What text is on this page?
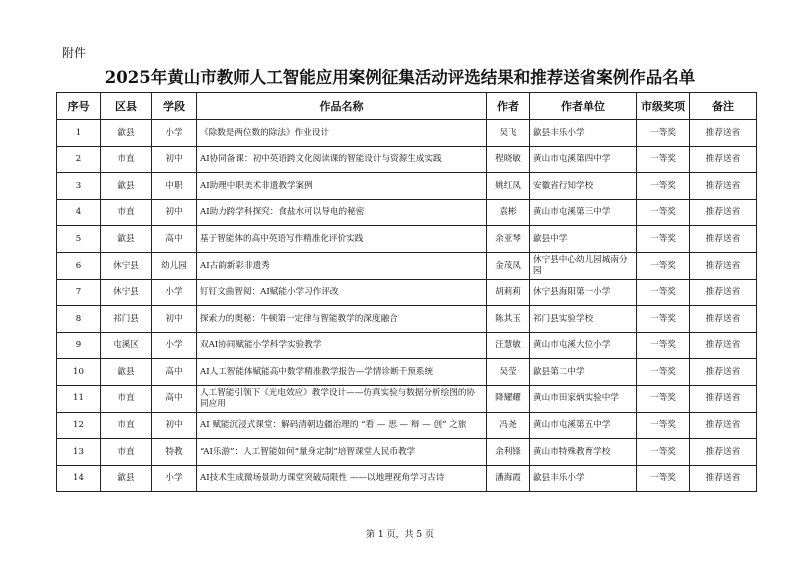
附件
2025年黄山市教师人工智能应用案例征集活动评选结果和推荐送省案例作品名单
序号	区县	学段	作品名称	作者	作者单位	市级奖项	备注
1	歙县	小学	《除数是两位数的除法》作业设计	吴飞	歙县丰乐小学	一等奖	推荐送省
2	市直	初中	AI协同备课：初中英语跨文化阅读课的智能设计与资源生成实践	程晓敏	黄山市屯溪第四中学	一等奖	推荐送省
3	歙县	中职	AI助理中职美术非遗教学案例	姚红凤	安徽省行知学校	一等奖	推荐送省
4	市直	初中	AI助力跨学科探究：食盐水可以导电的秘密	袁彬	黄山市屯溪第三中学	一等奖	推荐送省
5	歙县	高中	基于智能体的高中英语写作精准化评价实践	余亚琴	歙县中学	一等奖	推荐送省
6	休宁县	幼儿园	AI古韵新彩非遗秀	金茂凤	休宁县中心幼儿园城南分园	一等奖	推荐送省
7	休宁县	小学	钉钉文曲智阅：AI赋能小学习作评改	胡莉莉	休宁县海阳第一小学	一等奖	推荐送省
8	祁门县	初中	探索力的奥秘：牛顿第一定律与智能教学的深度融合	陈其玉	祁门县实验学校	一等奖	推荐送省
9	屯溪区	小学	双AI协同赋能小学科学实验教学	汪慧敏	黄山市屯溪大位小学	一等奖	推荐送省
10	歙县	高中	AI人工智能体赋能高中数学精准教学报告—学情诊断千预系统	吴莹	歙县第二中学	一等奖	推荐送省
11	市直	高中	人工智能引领下《光电效应》教学设计——仿真实验与数据分析绘图的协同应用	降耀耀	黄山市田家炳实验中学	一等奖	推荐送省
12	市直	初中	AI 赋能沉浸式课堂：解码清朝边疆治理的 “看 — 思 — 辩 — 创” 之旅	冯尧	黄山市屯溪第五中学	一等奖	推荐送省
13	市直	特教	“AI乐游”：人工智能如何“量身定制”培智课堂人民币教学	余利锋	黄山市特殊教育学校	一等奖	推荐送省
14	歙县	小学	AI技术生成微场景助力课堂突破局限性 ——以地理视角学习古诗	潘海霞	歙县丰乐小学	一等奖	推荐送省
第 1 页，共 5 页
